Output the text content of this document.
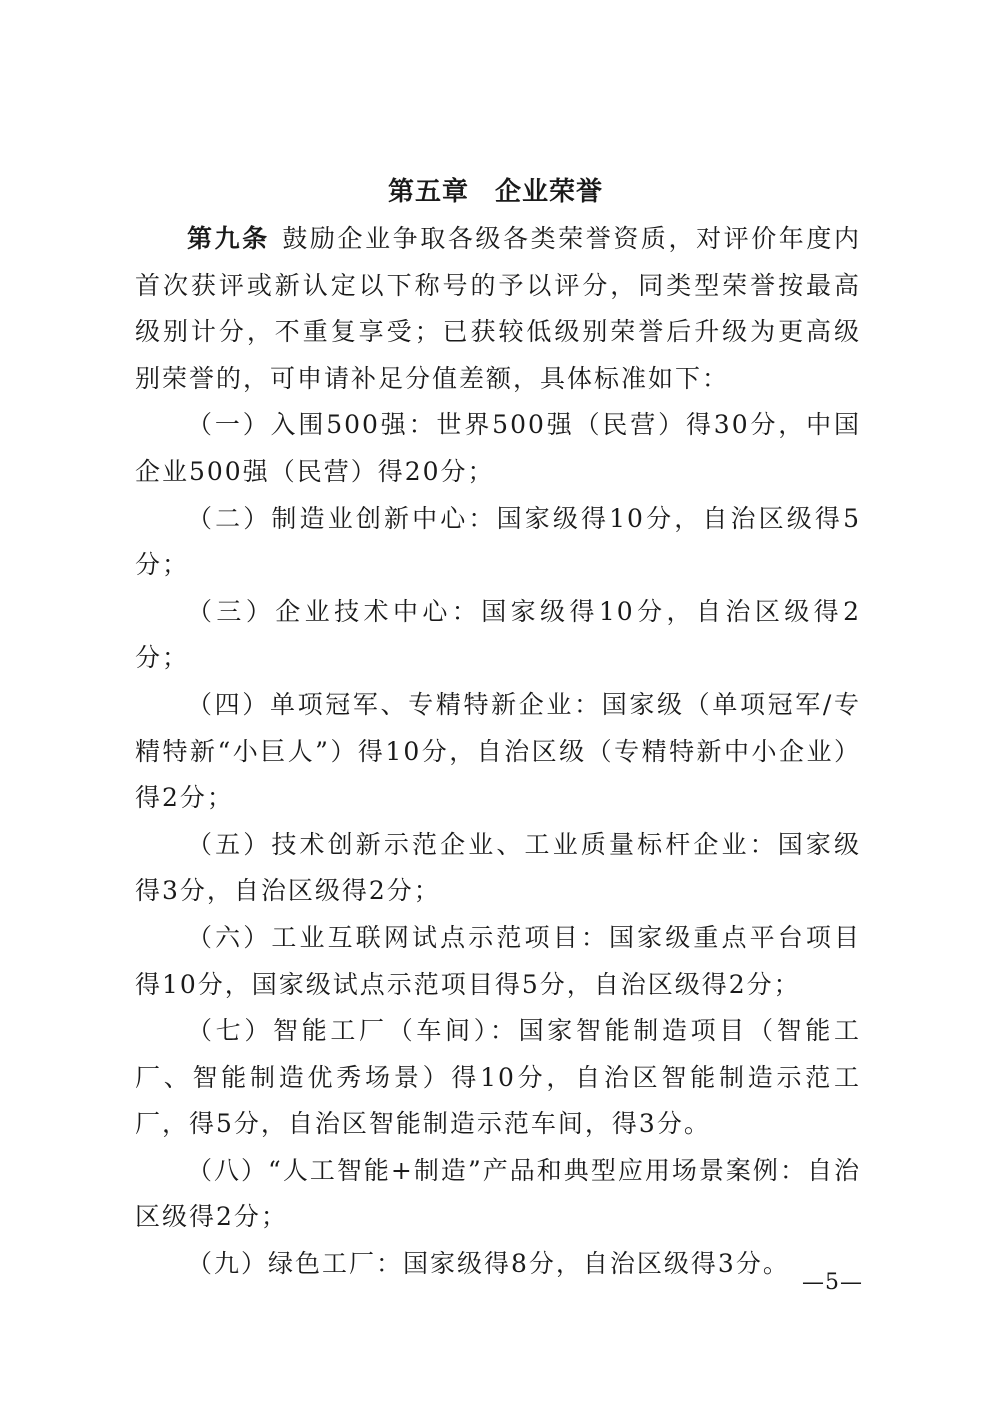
第五章 企业荣誉

第九条 鼓励企业争取各级各类荣誉资质，对评价年度内首次获评或新认定以下称号的予以评分，同类型荣誉按最高级别计分，不重复享受；已获较低级别荣誉后升级为更高级别荣誉的，可申请补足分值差额，具体标准如下：

（一）入围500强：世界500强（民营）得30分，中国企业500强（民营）得20分；

（二）制造业创新中心：国家级得10分，自治区级得5分；

（三）企业技术中心：国家级得10分，自治区级得2分；

（四）单项冠军、专精特新企业：国家级（单项冠军/专精特新“小巨人”）得10分，自治区级（专精特新中小企业）得2分；

（五）技术创新示范企业、工业质量标杆企业：国家级得3分，自治区级得2分；

（六）工业互联网试点示范项目：国家级重点平台项目得10分，国家级试点示范项目得5分，自治区级得2分；

（七）智能工厂（车间）：国家智能制造项目（智能工厂、智能制造优秀场景）得10分，自治区智能制造示范工厂，得5分，自治区智能制造示范车间，得3分。

（八）“人工智能+制造”产品和典型应用场景案例：自治区级得2分；

（九）绿色工厂：国家级得8分，自治区级得3分。

—5—
